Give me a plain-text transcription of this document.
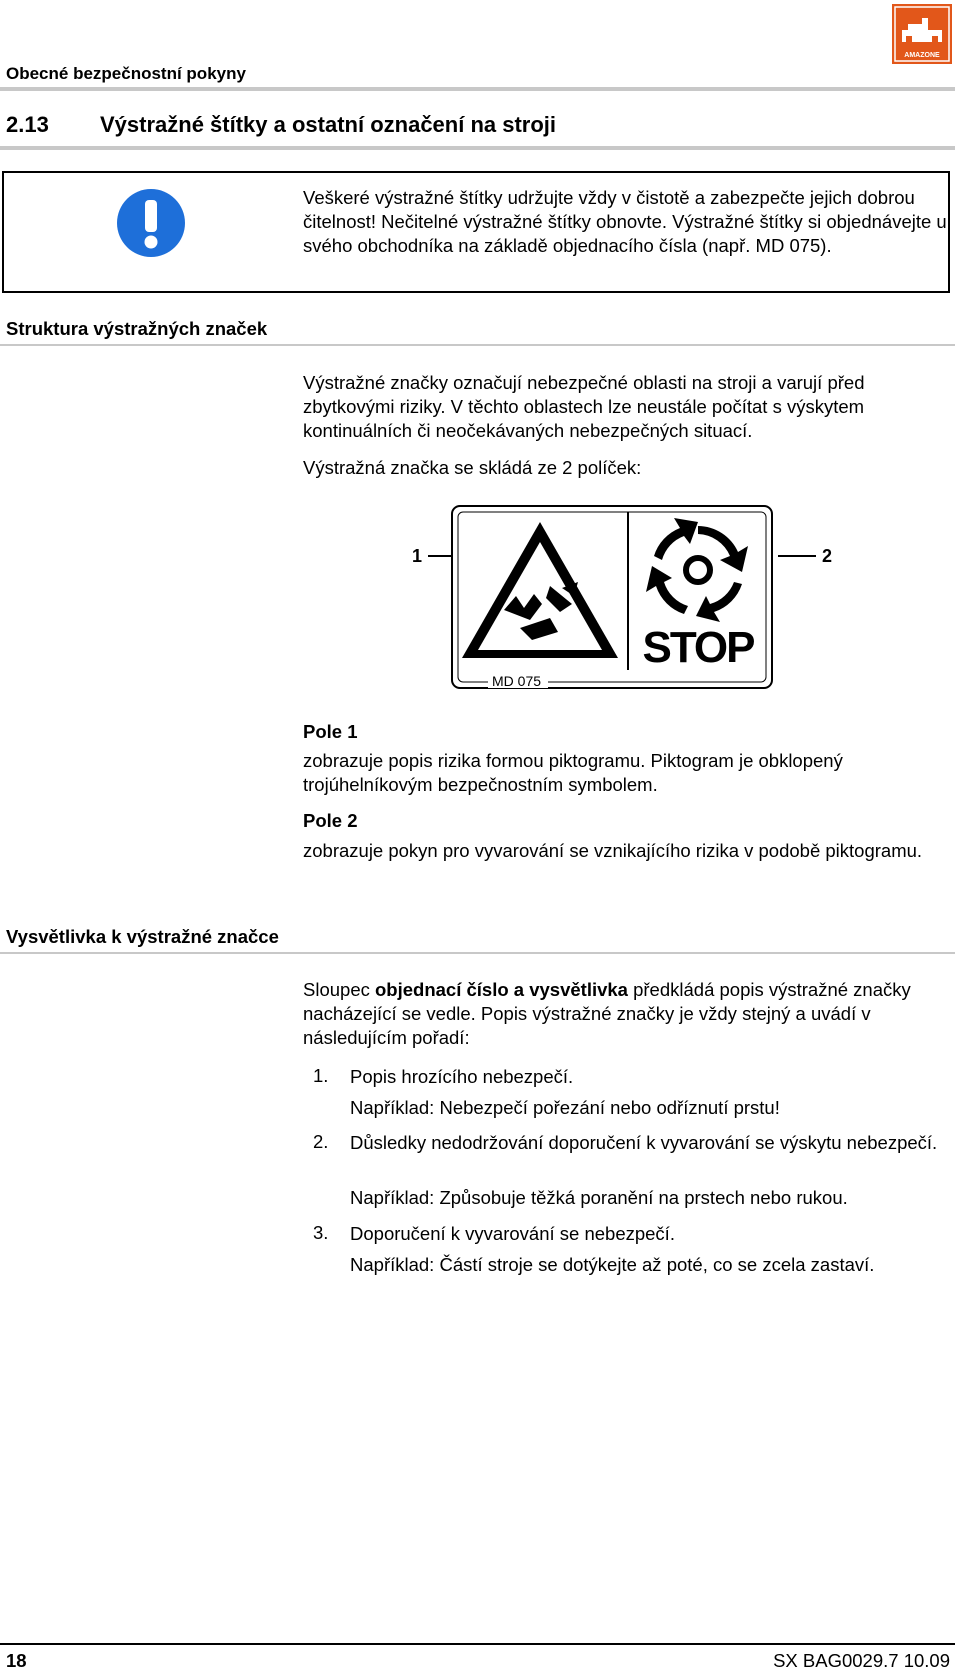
Obecné bezpečnostní pokyny
AMAZONE
2.13 Výstražné štítky a ostatní označení na stroji
Veškeré výstražné štítky udržujte vždy v čistotě a zabezpečte jejich dobrou čitelnost! Nečitelné výstražné štítky obnovte. Výstražné štítky si objednávejte u svého obchodníka na základě objednacího čísla (např. MD 075).
Struktura výstražných značek
Výstražné značky označují nebezpečné oblasti na stroji a varují před zbytkovými riziky. V těchto oblastech lze neustále počítat s výskytem kontinuálních či neočekávaných nebezpečných situací.
Výstražná značka se skládá ze 2 políček:
1	2
STOP
MD 075
Pole 1
zobrazuje popis rizika formou piktogramu. Piktogram je obklopený trojúhelníkovým bezpečnostním symbolem.
Pole 2
zobrazuje pokyn pro vyvarování se vznikajícího rizika v podobě piktogramu.
Vysvětlivka k výstražné značce
Sloupec objednací číslo a vysvětlivka předkládá popis výstražné značky nacházející se vedle. Popis výstražné značky je vždy stejný a uvádí v následujícím pořadí:
1. Popis hrozícího nebezpečí.
Například: Nebezpečí pořezání nebo odříznutí prstu!
2. Důsledky nedodržování doporučení k vyvarování se výskytu nebezpečí.
Například: Způsobuje těžká poranění na prstech nebo rukou.
3. Doporučení k vyvarování se nebezpečí.
Například: Částí stroje se dotýkejte až poté, co se zcela zastaví.
18	SX BAG0029.7 10.09
